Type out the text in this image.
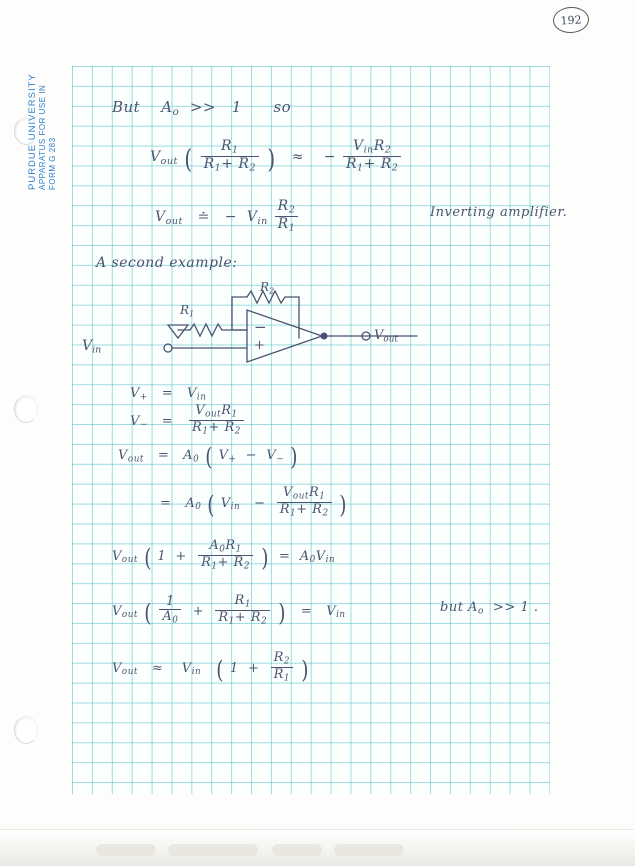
PURDUE UNIVERSITY APPARATUS FOR USE IN FORM G 283
192
But $A_o >> 1$ so
$V_{out}$ ( $\frac{R_1}{R_1+ R_2}$ ) ≈ − $\frac{V_{in}R_2}{R_1+ R_2}$
$V_{out}$ ≐ − $V_{in} \frac{R_2}{R_1}$	Inverting amplifier.
A second example:
$R_2$
$R_1$
−
+
$V_{in}$
$V_{out}$
$V_+ = V_{in}$
$V_- = \frac{V_{out}R_1}{R_1+ R_2}$
$V_{out} = A_0$ ( $V_+ - V_-$ )
= $A_0$ ( $V_{in} - \frac{V_{out}R_1}{R_1+ R_2}$ )
$V_{out}$ ( $1 + \frac{A_0R_1}{R_1+ R_2}$ ) = $A_0V_{in}$
$V_{out}$ ( $\frac{1}{A_0} + \frac{R_1}{R_1+ R_2}$ ) = $V_{in}$
but $A_o >> 1$ .
$V_{out} \approx V_{in}$ ( $1 + \frac{R_2}{R_1}$ )
